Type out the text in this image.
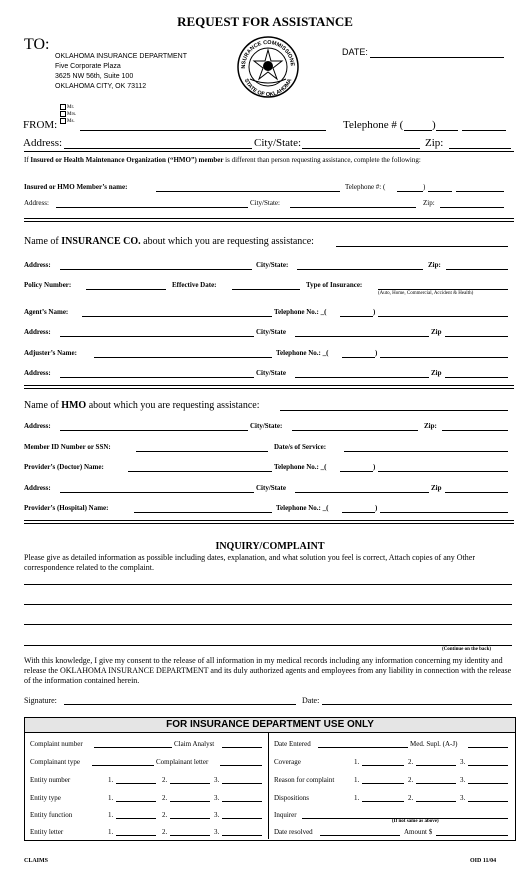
REQUEST FOR ASSISTANCE
TO:
OKLAHOMA INSURANCE DEPARTMENT
Five Corporate Plaza
3625 NW 56th, Suite 100
OKLAHOMA CITY, OK 73112
NSURANCE COMMISSIONE
STATE OF OKLAHOMA
DATE:
Mr.
Mrs.
Ms.
FROM:	Telephone # (	)
Address:	City/State:	Zip:
If Insured or Health Maintenance Organization (“HMO”) member is different than person requesting assistance, complete the following:
Insured or HMO Member’s name:	Telephone #: (	)
Address:	City/State:	Zip:
Name of INSURANCE CO. about which you are requesting assistance:
Address:	City/State:	Zip:
Policy Number:	Effective Date:	Type of Insurance:
(Auto, Home, Commercial, Accident & Health)
Agent’s Name:	Telephone No.: _(	)
Address:	City/State	Zip
Adjuster’s Name:	Telephone No.: _(	)
Address:	City/State	Zip
Name of HMO about which you are requesting assistance:
Address:	City/State:	Zip:
Member ID Number or SSN:	Date/s of Service:
Provider’s (Doctor) Name:	Telephone No.: _(	)
Address:	City/State	Zip
Provider’s (Hospital) Name:	Telephone No.: _(	)
INQUIRY/COMPLAINT
Please give as detailed information as possible including dates, explanation, and what solution you feel is correct, Attach copies of any Other correspondence related to the complaint.
(Continue on the back)
With this knowledge, I give my consent to the release of all information in my medical records including any information concerning my identity and release the OKLAHOMA INSURANCE DEPARTMENT and its duly authorized agents and employees from any liability in connection with the release of the information contained herein.
Signature:	Date:
FOR INSURANCE DEPARTMENT USE ONLY
Complaint number	Claim Analyst
Complainant type	Complainant letter
Entity number	1.	2.	3.
Entity type	1.	2.	3.
Entity function	1.	2.	3.
Entity letter	1.	2.	3.
Date Entered	Med. Supl. (A-J)
Coverage	1.	2.	3.
Reason for complaint	1.	2.	3.
Dispositions	1.	2.	3.
Inquirer
(If not same as above)
Date resolved	Amount $
CLAIMS	OID 11/04
